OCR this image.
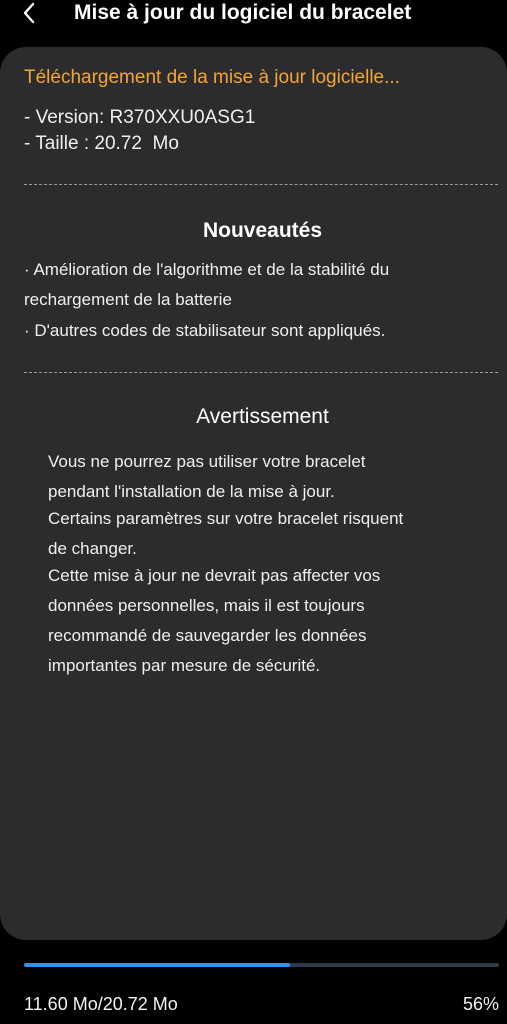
Mise à jour du logiciel du bracelet
Téléchargement de la mise à jour logicielle...
- Version: R370XXU0ASG1
- Taille : 20.72  Mo
Nouveautés
· Amélioration de l'algorithme et de la stabilité du
rechargement de la batterie
· D'autres codes de stabilisateur sont appliqués.
Avertissement
Vous ne pourrez pas utiliser votre bracelet
pendant l'installation de la mise à jour.
Certains paramètres sur votre bracelet risquent
de changer.
Cette mise à jour ne devrait pas affecter vos
données personnelles, mais il est toujours
recommandé de sauvegarder les données
importantes par mesure de sécurité.
11.60 Mo/20.72 Mo	56%
